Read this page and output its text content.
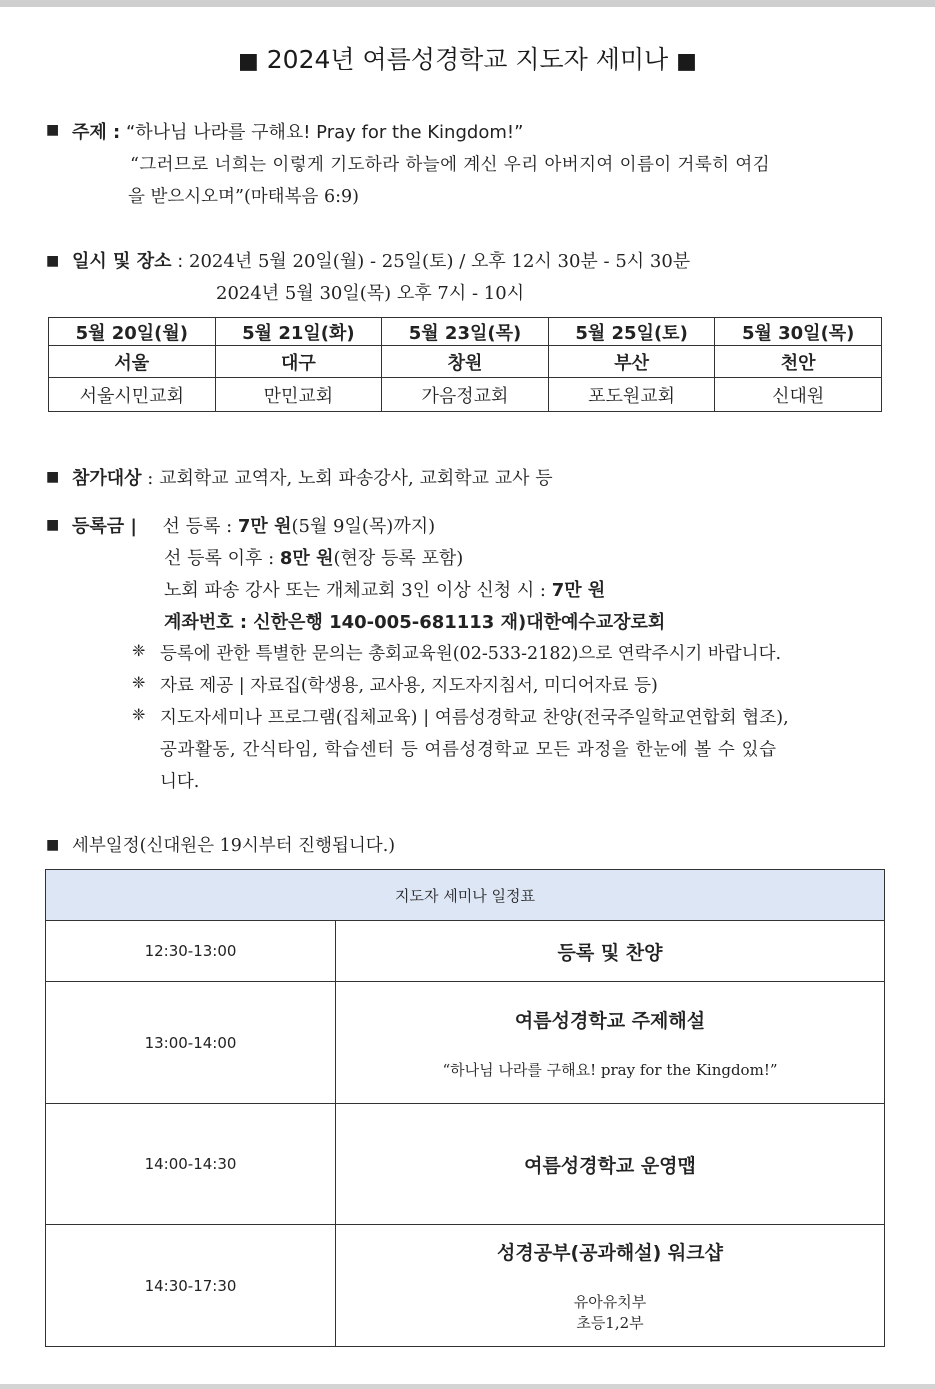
■ 2024년 여름성경학교 지도자 세미나 ■
■ 주제 : “하나님 나라를 구해요! Pray for the Kingdom!”
“그러므로 너희는 이렇게 기도하라 하늘에 계신 우리 아버지여 이름이 거룩히 여김
을 받으시오며”(마태복음 6:9)
■ 일시 및 장소 : 2024년 5월 20일(월) - 25일(토) / 오후 12시 30분 - 5시 30분
2024년 5월 30일(목) 오후 7시 - 10시
5월 20일(월)	5월 21일(화)	5월 23일(목)	5월 25일(토)	5월 30일(목)
서울	대구	창원	부산	천안
서울시민교회	만민교회	가음정교회	포도원교회	신대원
■ 참가대상 : 교회학교 교역자, 노회 파송강사, 교회학교 교사 등
■ 등록금 | 선 등록 : 7만 원(5월 9일(목)까지)
선 등록 이후 : 8만 원(현장 등록 포함)
노회 파송 강사 또는 개체교회 3인 이상 신청 시 : 7만 원
계좌번호 : 신한은행 140-005-681113 재)대한예수교장로회
❈ 등록에 관한 특별한 문의는 총회교육원(02-533-2182)으로 연락주시기 바랍니다.
❈ 자료 제공 | 자료집(학생용, 교사용, 지도자지침서, 미디어자료 등)
❈ 지도자세미나 프로그램(집체교육) | 여름성경학교 찬양(전국주일학교연합회 협조),
공과활동, 간식타임, 학습센터 등 여름성경학교 모든 과정을 한눈에 볼 수 있습
니다.
■ 세부일정(신대원은 19시부터 진행됩니다.)
지도자 세미나 일정표	
12:30-13:00	등록 및 찬양
13:00-14:00	여름성경학교 주제해설
“하나님 나라를 구해요! pray for the Kingdom!”

14:00-14:30	여름성경학교 운영맵
14:30-17:30	성경공부(공과해설) 워크샵
유아유치부
초등1,2부
